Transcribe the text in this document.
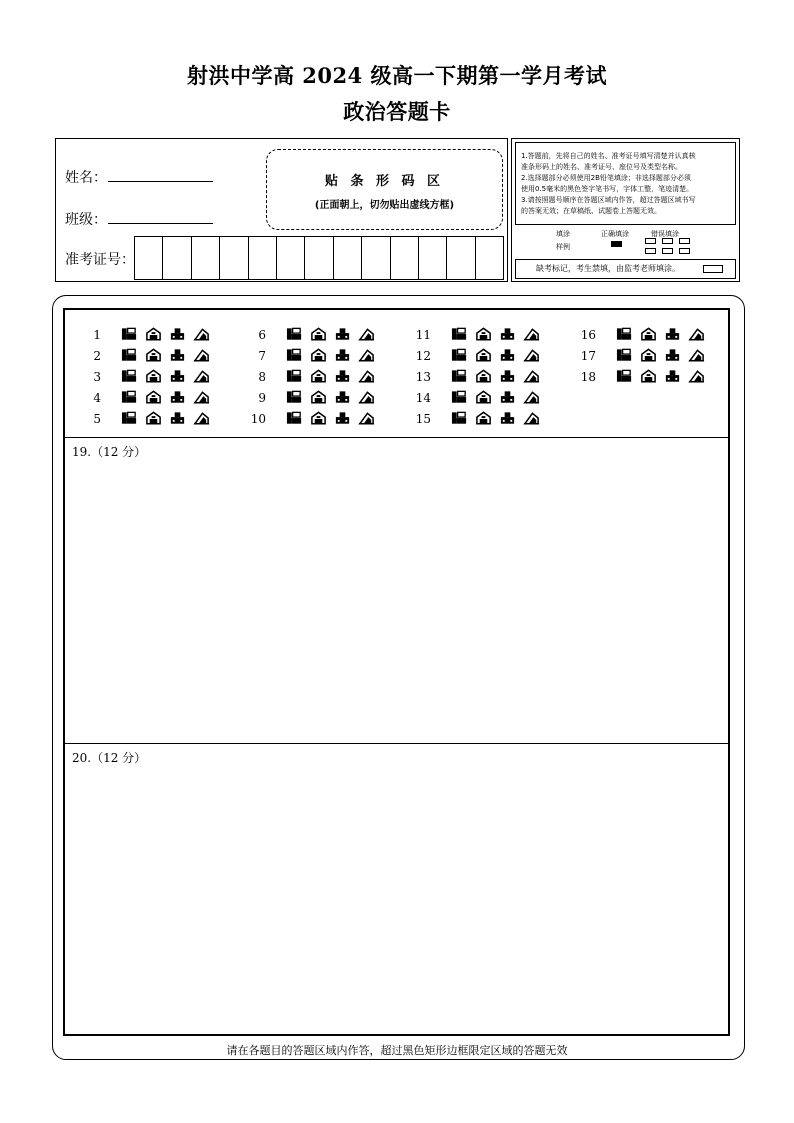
射洪中学高 2024 级高一下期第一学月考试
政治答题卡
姓名：
班级：
准考证号：
贴 条 形 码 区
(正面朝上，切勿贴出虚线方框)
1.答题前，先将自己的姓名、准考证号填写清楚并认真核
准条形码上的姓名、准考证号、座位号及类型名称。
2.选择题部分必须使用2B铅笔填涂；非选择题部分必须
使用0.5毫米的黑色签字笔书写，字体工整，笔迹清楚。
3.请按照题号顺序在答题区域内作答，超过答题区域书写
的答案无效；在草稿纸、试题卷上答题无效。
填涂
样例
正确填涂	错误填涂
缺考标记，考生禁填，由监考老师填涂。
1
2
3
4
5
6
7
8
9
10
11
12
13
14
15
16
17
18
19.（12 分）
20.（12 分）
请在各题目的答题区域内作答，超过黑色矩形边框限定区域的答题无效
